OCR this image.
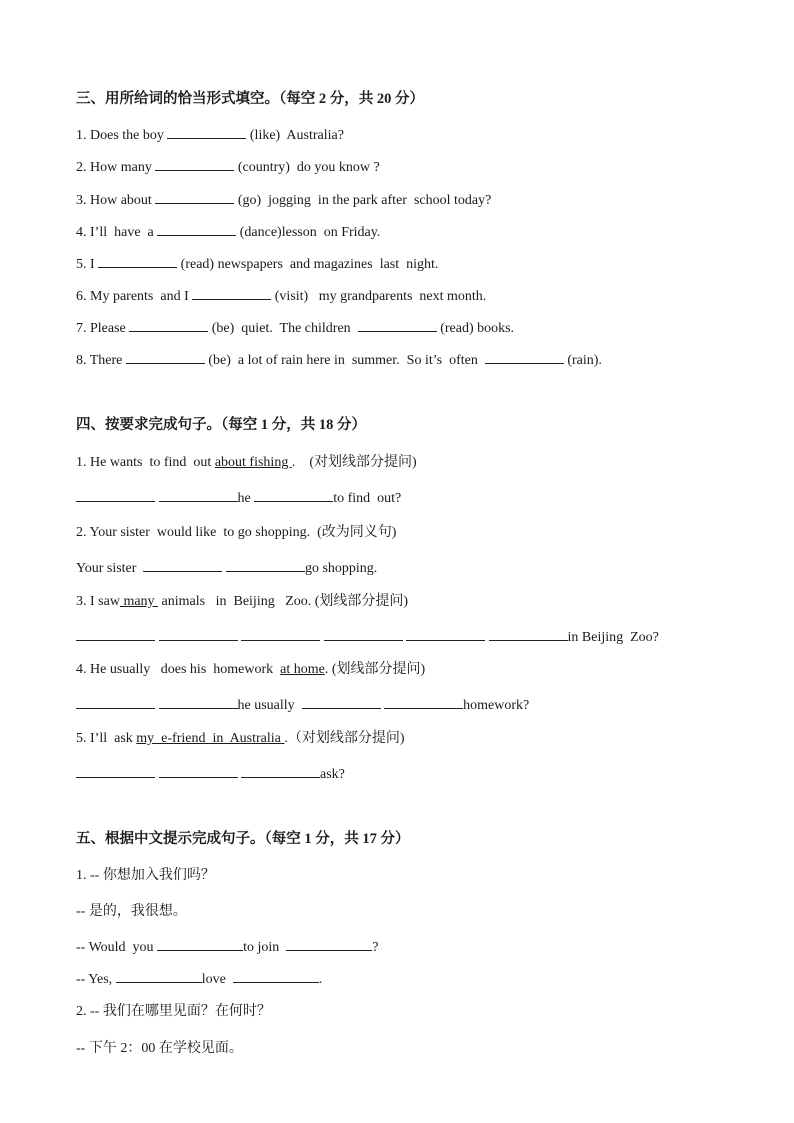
三、用所给词的恰当形式填空。（每空 2 分，共 20 分）
1. Does the boy	(like)  Australia?
2. How many	(country)  do you know ?
3. How about	(go)  jogging  in the park after  school today?
4. I’ll  have  a	(dance)lesson  on Friday.
5. I	(read) newspapers  and magazines  last  night.
6. My parents  and I	(visit)   my grandparents  next month.
7. Please	(be)  quiet.  The children	(read) books.
8. There	(be)  a lot of rain here in  summer.  So it’s  often	(rain).
四、按要求完成句子。（每空 1 分，共 18 分）
1. He wants  to find  out about fishing .    (对划线部分提问)
he	to find  out?
2. Your sister  would like  to go shopping.  (改为同义句)
Your sister	go shopping.
3. I saw many  animals   in  Beijing   Zoo. (划线部分提问)
in Beijing  Zoo?
4. He usually   does his  homework  at home. (划线部分提问)
he usually	homework?
5. I’ll  ask my  e-friend  in  Australia .（对划线部分提问)
ask?
五、根据中文提示完成句子。（每空 1 分，共 17 分）
1. -- 你想加入我们吗？
-- 是的，我很想。
-- Would  you	to join	?
-- Yes,	love	.
2. -- 我们在哪里见面？在何时？
-- 下午 2：00 在学校见面。
